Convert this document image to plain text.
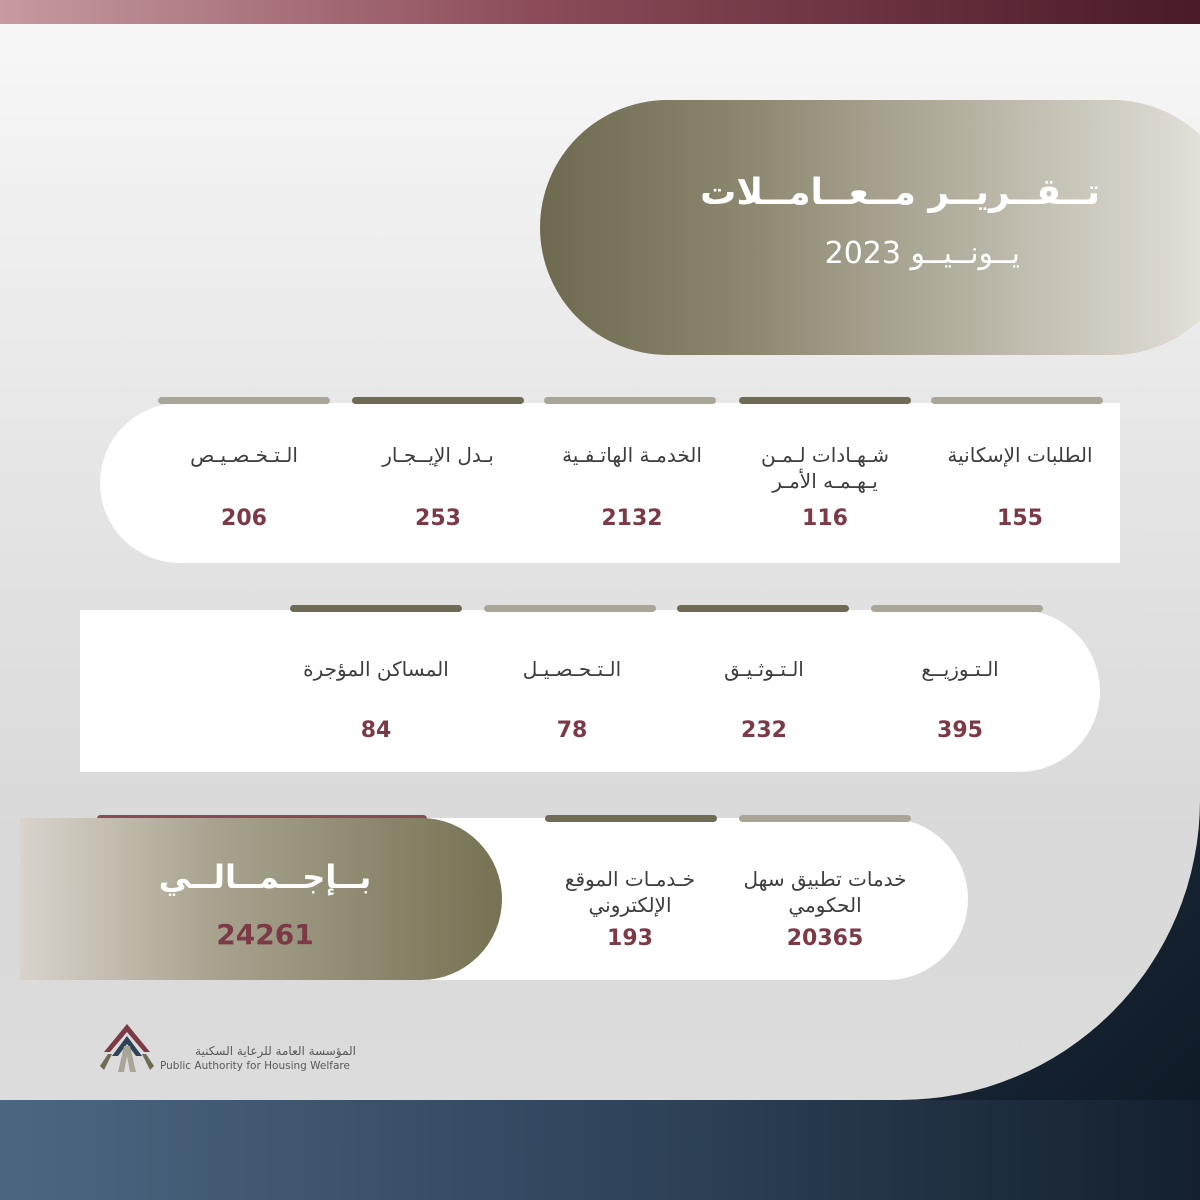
تــقــريــر مــعــامــلات
يــونــيــو 2023
الطلبات الإسكانية
155
شـهـادات لـمـن يـهـمـه الأمـر
116
الخدمـة الهاتـفـية
2132
بـدل الإيــجـار
253
الـتـخـصـيـص
206
الـتـوزيــع
395
الـتـوثـيـق
232
الـتـحـصـيـل
78
المساكن المؤجرة
84
خدمات تطبيق سهل الحكومي
20365
خـدمـات الموقع الإلكتروني
193
بــإجــمــالــي
24261
المؤسسة العامة للرعاية السكنية
Public Authority for Housing Welfare
